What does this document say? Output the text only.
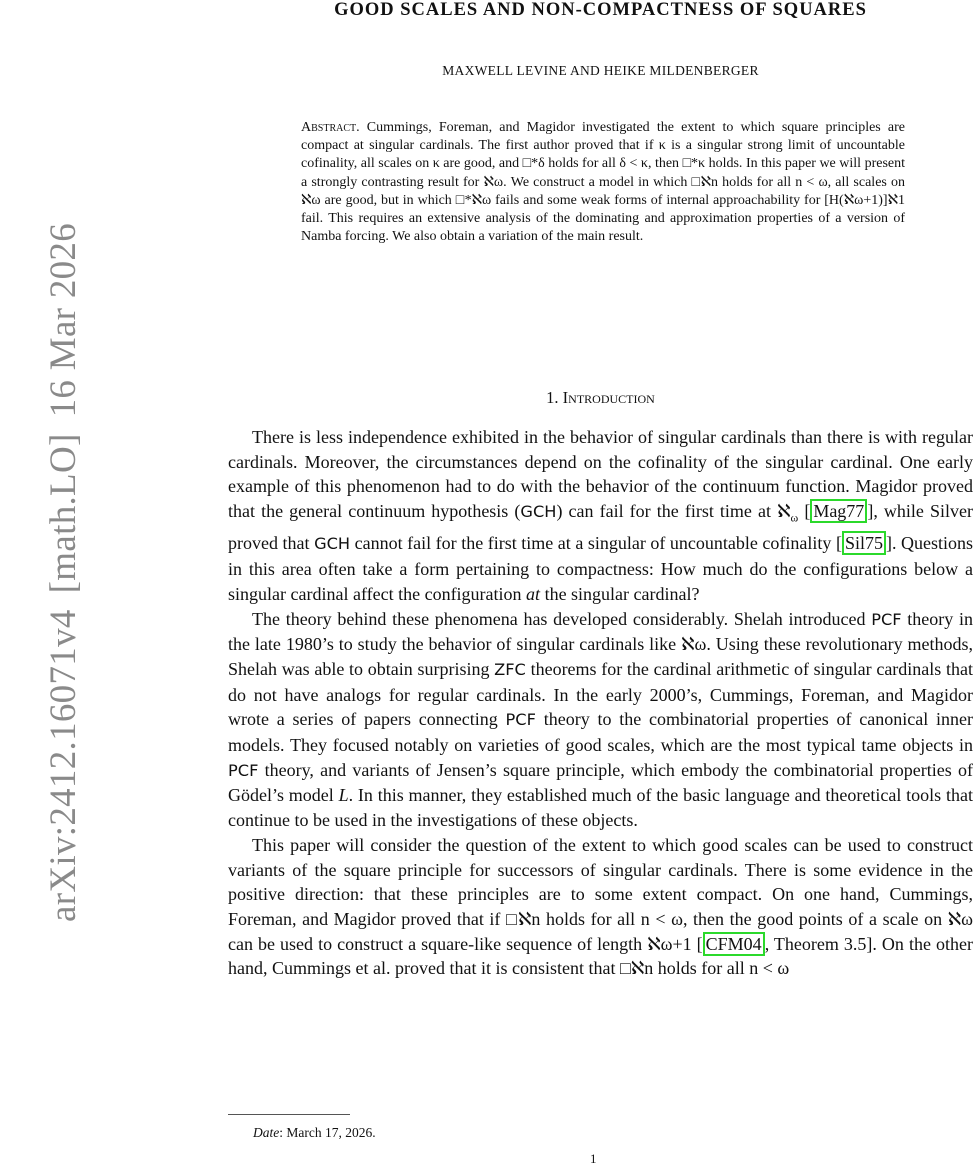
arXiv:2412.16071v4[math.LO]16 Mar 2026
GOOD SCALES AND NON-COMPACTNESS OF SQUARES
MAXWELL LEVINE AND HEIKE MILDENBERGER
Abstract. Cummings, Foreman, and Magidor investigated the extent to which square principles are compact at singular cardinals. The first author proved that if κ is a singular strong limit of uncountable cofinality, all scales on κ are good, and □*δ holds for all δ < κ, then □*κ holds. In this paper we will present a strongly contrasting result for ℵω. We construct a model in which □ℵn holds for all n < ω, all scales on ℵω are good, but in which □*ℵω fails and some weak forms of internal approachability for [H(ℵω+1)]ℵ1 fail. This requires an extensive analysis of the dominating and approximation properties of a version of Namba forcing. We also obtain a variation of the main result.
1. Introduction

There is less independence exhibited in the behavior of singular cardinals than there is with regular cardinals. Moreover, the circumstances depend on the cofinality of the singular cardinal. One early example of this phenomenon had to do with the behavior of the continuum function. Magidor proved that the general continuum hypothesis (GCH) can fail for the first time at ℵ$_\omega$ [ Mag77 ], while Silver proved that GCH cannot fail for the first time at a singular of uncountable cofinality [ Sil75 ]. Questions in this area often take a form pertaining to compactness: How much do the configurations below a singular cardinal affect the configuration at the singular cardinal?

The theory behind these phenomena has developed considerably. Shelah introduced PCF theory in the late 1980’s to study the behavior of singular cardinals like ℵω. Using these revolutionary methods, Shelah was able to obtain surprising ZFC theorems for the cardinal arithmetic of singular cardinals that do not have analogs for regular cardinals. In the early 2000’s, Cummings, Foreman, and Magidor wrote a series of papers connecting PCF theory to the combinatorial properties of canonical inner models. They focused notably on varieties of good scales, which are the most typical tame objects in PCF theory, and variants of Jensen’s square principle, which embody the combinatorial properties of Gödel’s model L. In this manner, they established much of the basic language and theoretical tools that continue to be used in the investigations of these objects.

This paper will consider the question of the extent to which good scales can be used to construct variants of the square principle for successors of singular cardinals. There is some evidence in the positive direction: that these principles are to some extent compact. On one hand, Cummings, Foreman, and Magidor proved that if □ℵn holds for all n < ω, then the good points of a scale on ℵω can be used to construct a square-like sequence of length ℵω+1 [ CFM04 , Theorem 3.5]. On the other hand, Cummings et al. proved that it is consistent that □ℵn holds for all n < ω

Date: March 17, 2026.
1
